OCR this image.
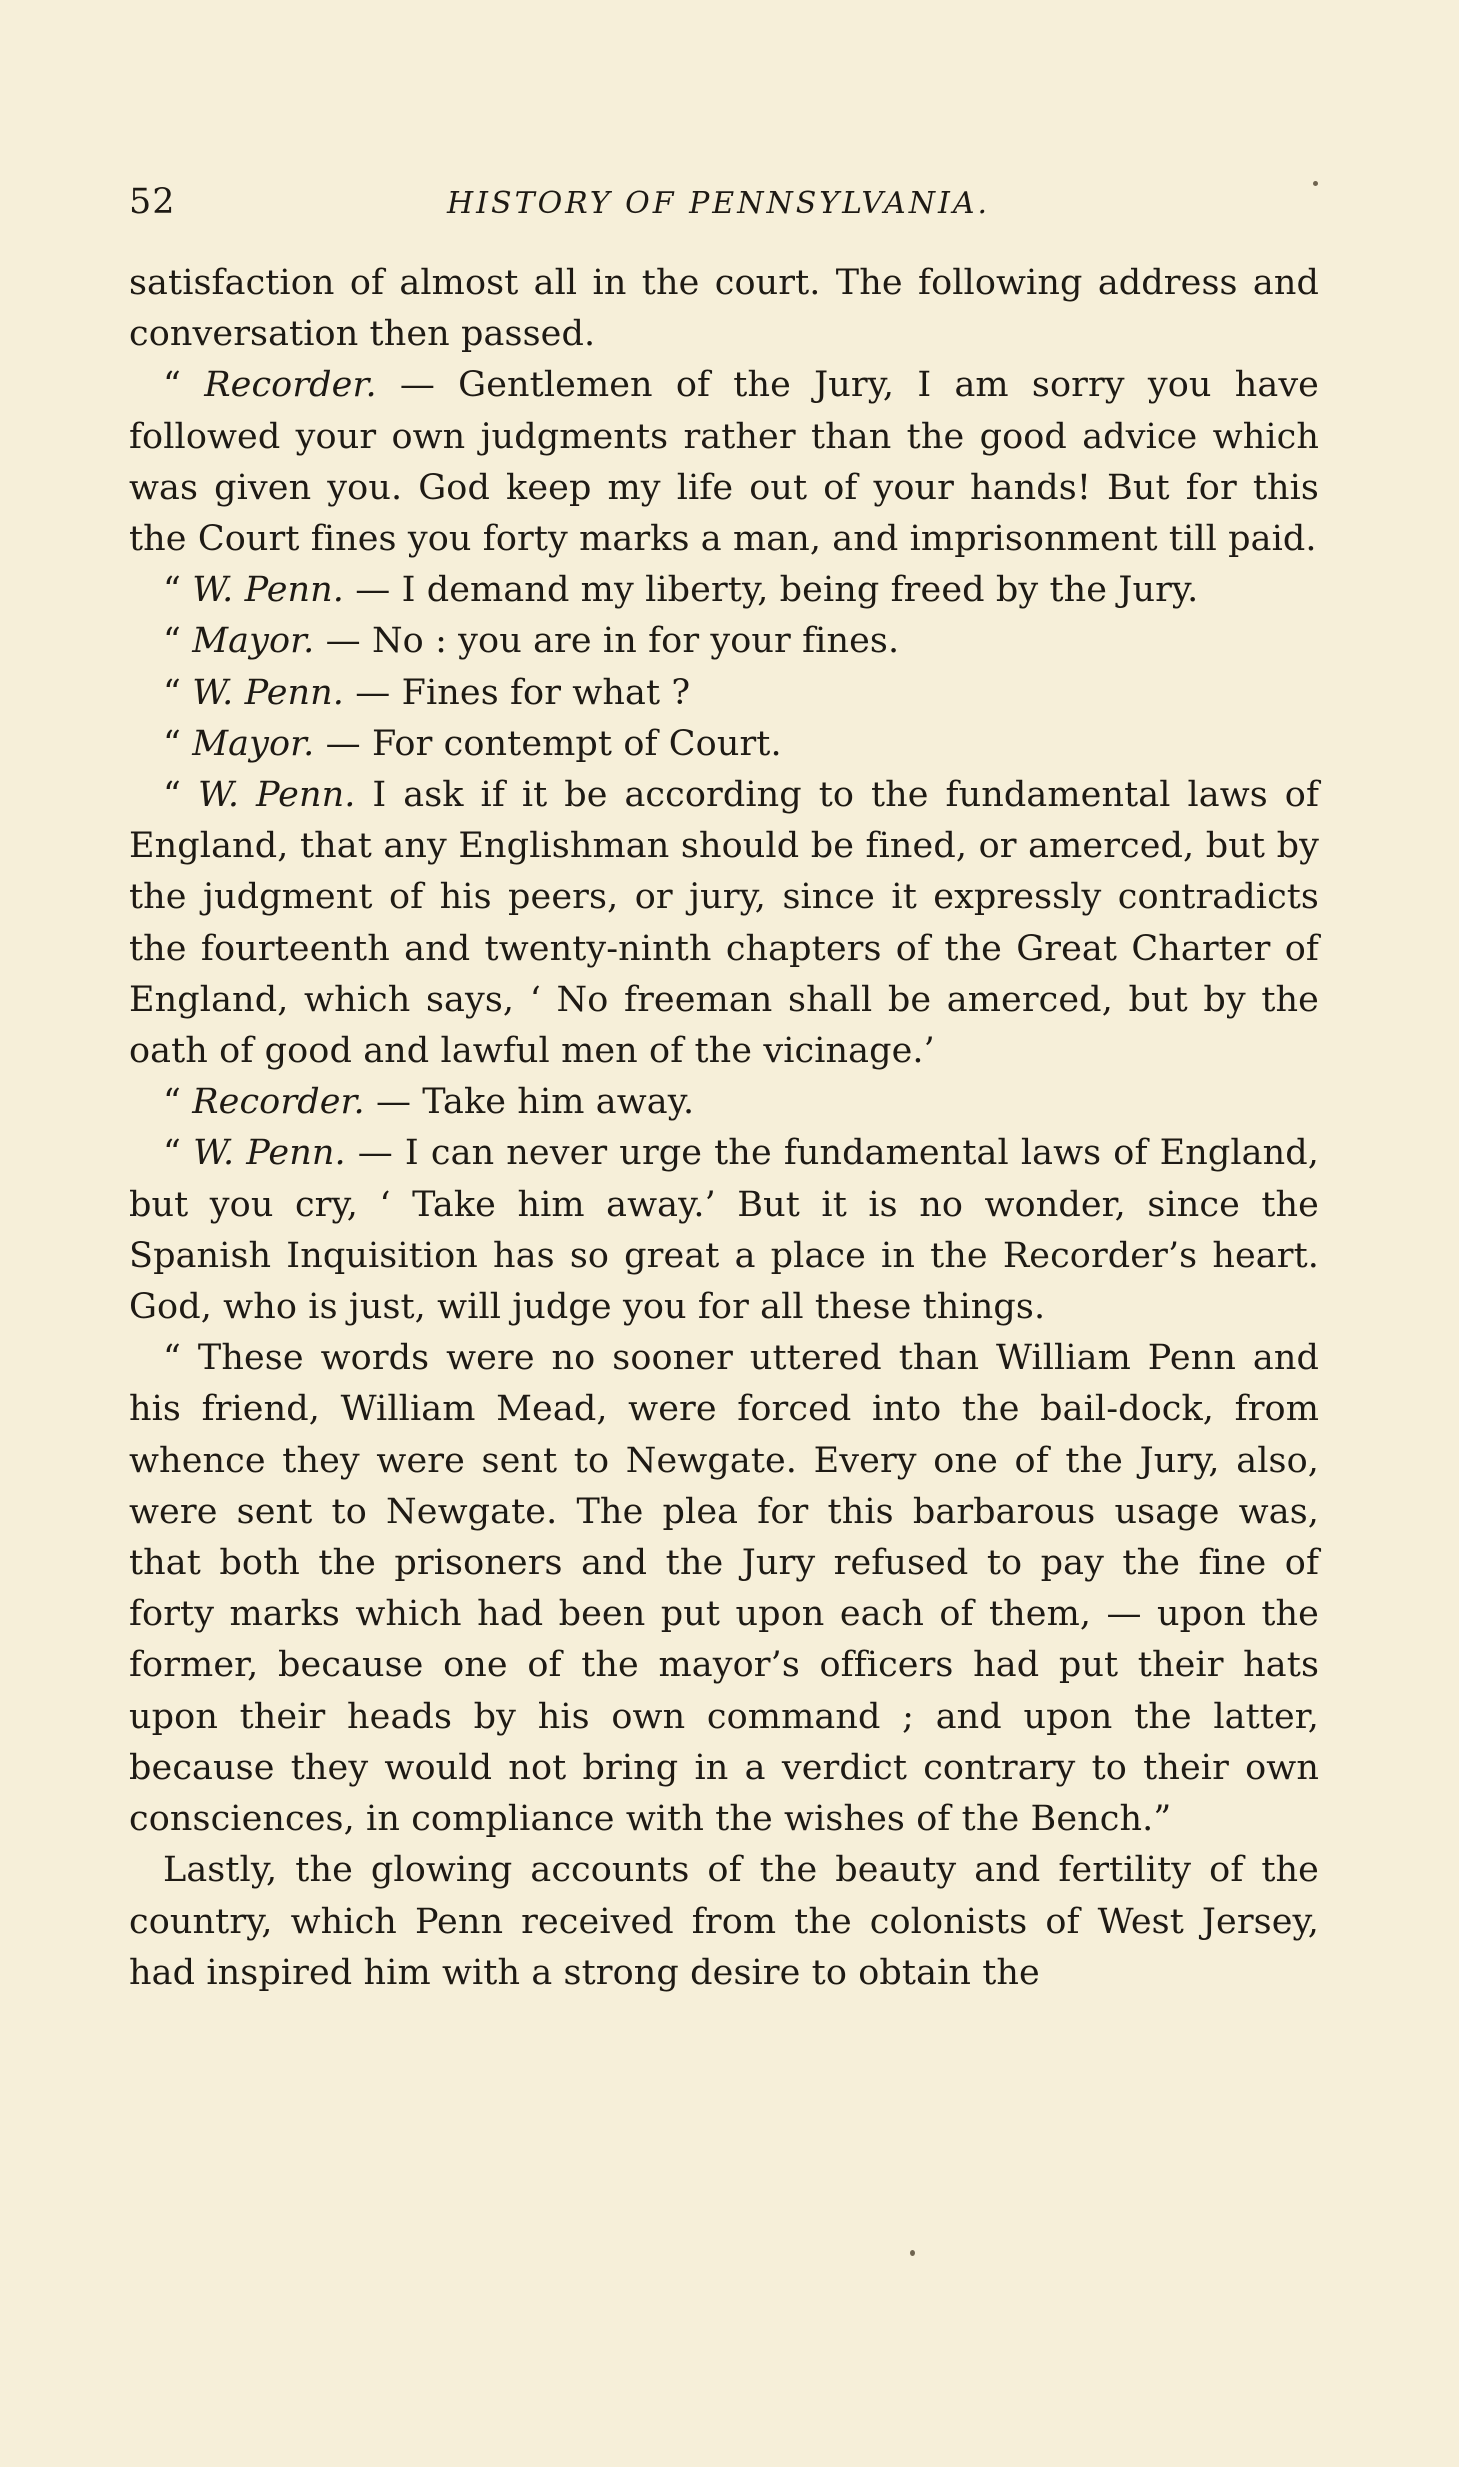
52	HISTORY OF PENNSYLVANIA.

satisfaction of almost all in the court. The following address and conversation then passed.

“ Recorder. — Gentlemen of the Jury, I am sorry you have followed your own judgments rather than the good advice which was given you. God keep my life out of your hands! But for this the Court fines you forty marks a man, and imprisonment till paid.

“ W. Penn. — I demand my liberty, being freed by the Jury.

“ Mayor. — No : you are in for your fines.

“ W. Penn. — Fines for what ?

“ Mayor. — For contempt of Court.

“ W. Penn. I ask if it be according to the fundamental laws of England, that any Englishman should be fined, or amerced, but by the judgment of his peers, or jury, since it expressly contradicts the fourteenth and twenty-ninth chapters of the Great Charter of England, which says, ‘ No freeman shall be amerced, but by the oath of good and lawful men of the vicinage.’

“ Recorder. — Take him away.

“ W. Penn. — I can never urge the fundamental laws of England, but you cry, ‘ Take him away.’ But it is no wonder, since the Spanish Inquisition has so great a place in the Recorder’s heart. God, who is just, will judge you for all these things.

“ These words were no sooner uttered than William Penn and his friend, William Mead, were forced into the bail-dock, from whence they were sent to Newgate. Every one of the Jury, also, were sent to Newgate. The plea for this barbarous usage was, that both the prisoners and the Jury refused to pay the fine of forty marks which had been put upon each of them, — upon the former, because one of the mayor’s officers had put their hats upon their heads by his own command ; and upon the latter, because they would not bring in a verdict contrary to their own consciences, in compliance with the wishes of the Bench.”

Lastly, the glowing accounts of the beauty and fertility of the country, which Penn received from the colonists of West Jersey, had inspired him with a strong desire to obtain the
